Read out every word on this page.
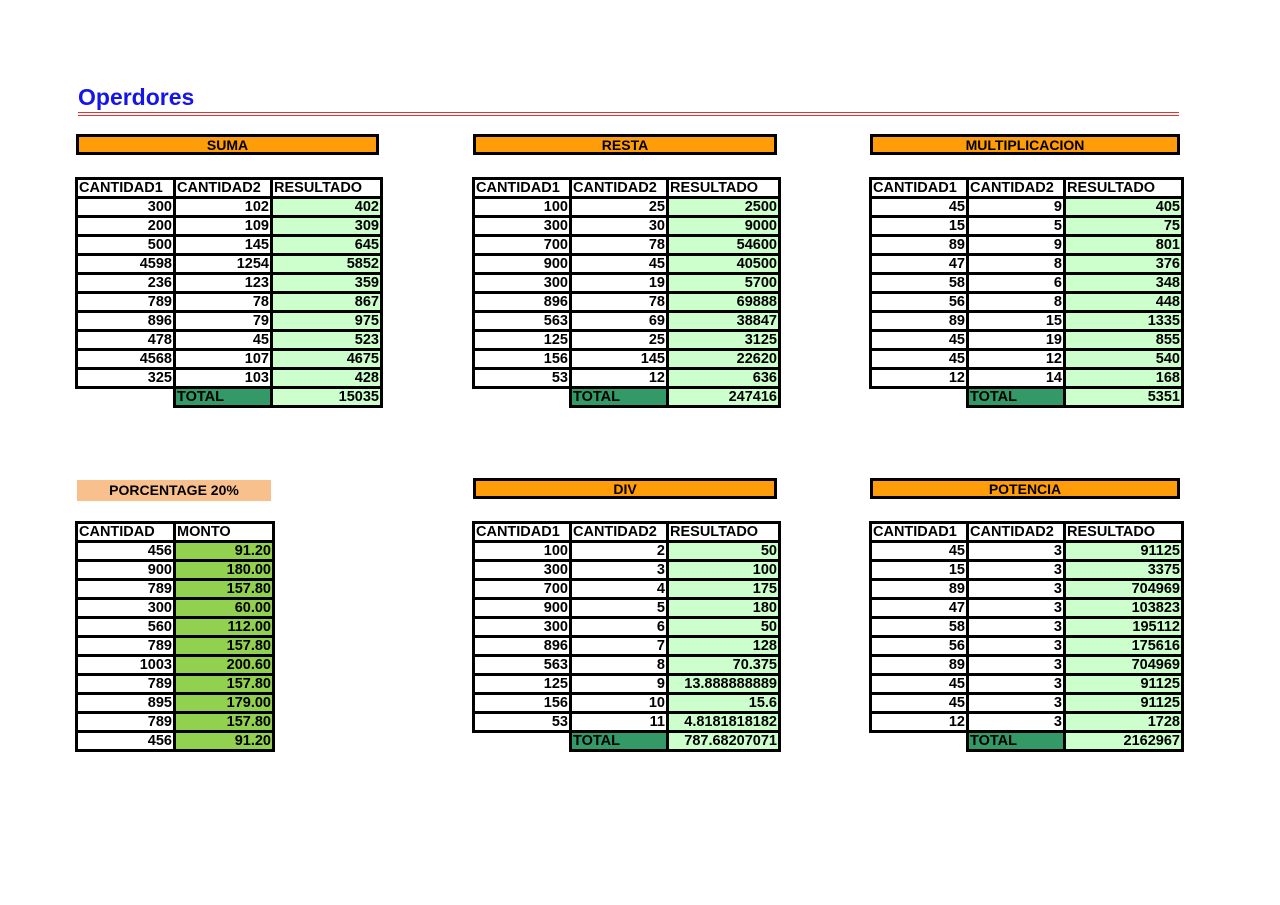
Operdores
SUMA	RESTA	MULTIPLICACION
PORCENTAGE 20%	DIV	POTENCIA
CANTIDAD1	CANTIDAD2	RESULTADO
300	102	402
200	109	309
500	145	645
4598	1254	5852
236	123	359
789	78	867
896	79	975
478	45	523
4568	107	4675
325	103	428
	TOTAL	15035
CANTIDAD1	CANTIDAD2	RESULTADO
100	25	2500
300	30	9000
700	78	54600
900	45	40500
300	19	5700
896	78	69888
563	69	38847
125	25	3125
156	145	22620
53	12	636
	TOTAL	247416
CANTIDAD1	CANTIDAD2	RESULTADO
45	9	405
15	5	75
89	9	801
47	8	376
58	6	348
56	8	448
89	15	1335
45	19	855
45	12	540
12	14	168
	TOTAL	5351
CANTIDAD	MONTO
456	91.20
900	180.00
789	157.80
300	60.00
560	112.00
789	157.80
1003	200.60
789	157.80
895	179.00
789	157.80
456	91.20
CANTIDAD1	CANTIDAD2	RESULTADO
100	2	50
300	3	100
700	4	175
900	5	180
300	6	50
896	7	128
563	8	70.375
125	9	13.888888889
156	10	15.6
53	11	4.8181818182
	TOTAL	787.68207071
CANTIDAD1	CANTIDAD2	RESULTADO
45	3	91125
15	3	3375
89	3	704969
47	3	103823
58	3	195112
56	3	175616
89	3	704969
45	3	91125
45	3	91125
12	3	1728
	TOTAL	2162967
